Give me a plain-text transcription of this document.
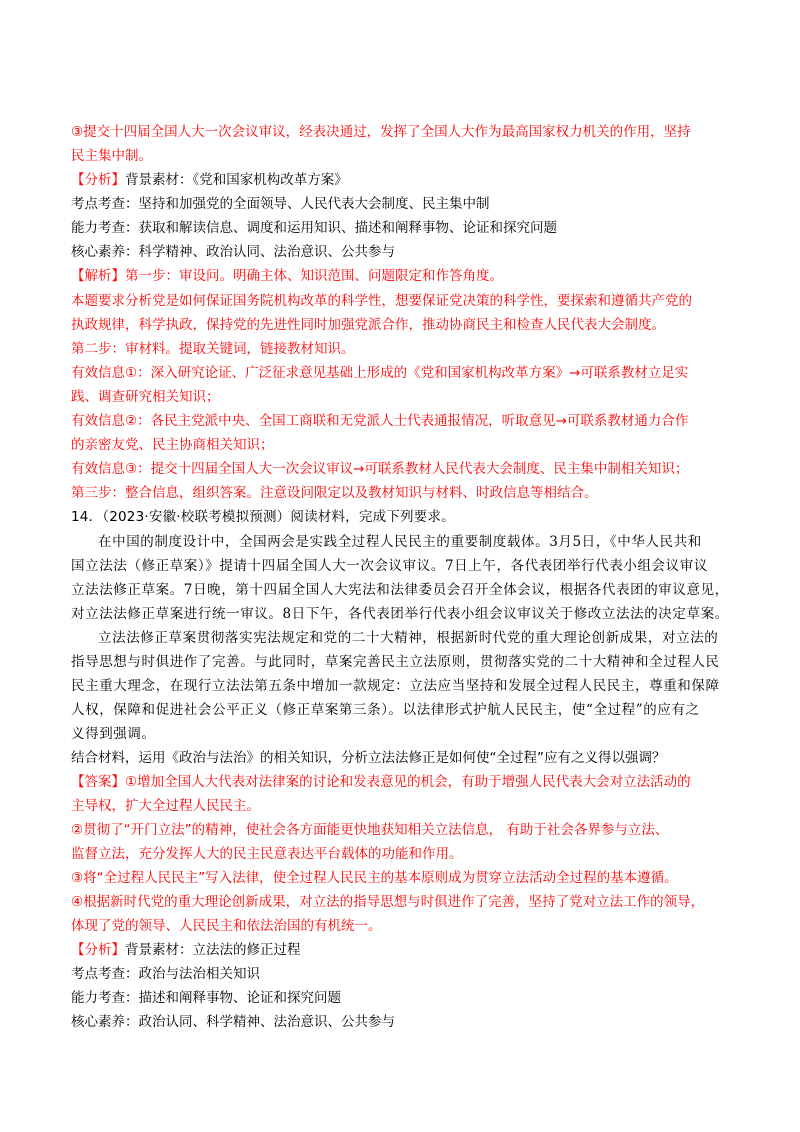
③提交十四届全国人大一次会议审议，经表决通过，发挥了全国人大作为最高国家权力机关的作用，坚持
民主集中制。
【分析】背景素材：《党和国家机构改革方案》
考点考查：坚持和加强党的全面领导、人民代表大会制度、民主集中制
能力考查：获取和解读信息、调度和运用知识、描述和阐释事物、论证和探究问题
核心素养：科学精神、政治认同、法治意识、公共参与
【解析】第一步：审设问。明确主体、知识范围、问题限定和作答角度。
本题要求分析党是如何保证国务院机构改革的科学性，想要保证党决策的科学性，要探索和遵循共产党的
执政规律，科学执政，保持党的先进性同时加强党派合作，推动协商民主和检查人民代表大会制度。
第二步：审材料。提取关键词，链接教材知识。
有效信息①：深入研究论证、广泛征求意见基础上形成的《党和国家机构改革方案》→可联系教材立足实
践、调查研究相关知识；
有效信息②：各民主党派中央、全国工商联和无党派人士代表通报情况，听取意见→可联系教材通力合作
的亲密友党、民主协商相关知识；
有效信息③：提交十四届全国人大一次会议审议→可联系教材人民代表大会制度、民主集中制相关知识；
第三步：整合信息，组织答案。注意设问限定以及教材知识与材料、时政信息等相结合。
14．（2023·安徽·校联考模拟预测）阅读材料，完成下列要求。
在中国的制度设计中，全国两会是实践全过程人民民主的重要制度载体。3月5日，《中华人民共和
国立法法（修正草案）》提请十四届全国人大一次会议审议。7日上午，各代表团举行代表小组会议审议
立法法修正草案。7日晚，第十四届全国人大宪法和法律委员会召开全体会议，根据各代表团的审议意见，
对立法法修正草案进行统一审议。8日下午，各代表团举行代表小组会议审议关于修改立法法的决定草案。
立法法修正草案贯彻落实宪法规定和党的二十大精神，根据新时代党的重大理论创新成果，对立法的
指导思想与时俱进作了完善。与此同时，草案完善民主立法原则，贯彻落实党的二十大精神和全过程人民
民主重大理念，在现行立法法第五条中增加一款规定：立法应当坚持和发展全过程人民民主，尊重和保障
人权，保障和促进社会公平正义（修正草案第三条）。以法律形式护航人民民主，使“全过程”的应有之
义得到强调。
结合材料，运用《政治与法治》的相关知识，分析立法法修正是如何使“全过程”应有之义得以强调？
【答案】①增加全国人大代表对法律案的讨论和发表意见的机会，有助于增强人民代表大会对立法活动的
主导权，扩大全过程人民民主。
②贯彻了“开门立法”的精神，使社会各方面能更快地获知相关立法信息， 有助于社会各界参与立法、
监督立法，充分发挥人大的民主民意表达平台载体的功能和作用。
③将“全过程人民民主”写入法律，使全过程人民民主的基本原则成为贯穿立法活动全过程的基本遵循。
④根据新时代党的重大理论创新成果，对立法的指导思想与时俱进作了完善，坚持了党对立法工作的领导，
体现了党的领导、人民民主和依法治国的有机统一。
【分析】背景素材：立法法的修正过程
考点考查：政治与法治相关知识
能力考查：描述和阐释事物、论证和探究问题
核心素养：政治认同、科学精神、法治意识、公共参与
